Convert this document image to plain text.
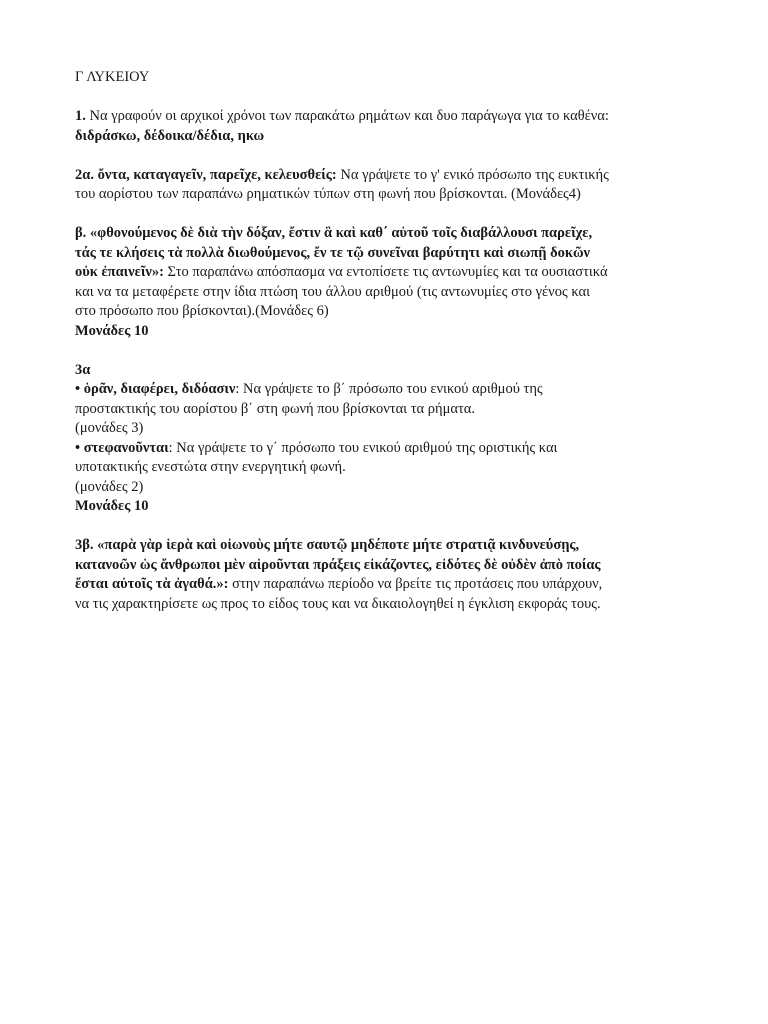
Γ ΛΥΚΕΙΟΥ
1. Να γραφούν οι αρχικοί χρόνοι των παρακάτω ρημάτων και δυο παράγωγα για το καθένα:
διδράσκω, δέδοικα/δέδια, ηκω
2α. ὄντα, καταγαγεῖν, παρεῖχε, κελευσθείς: Να γράψετε το γ' ενικό πρόσωπο της ευκτικής
του αορίστου των παραπάνω ρηματικών τύπων στη φωνή που βρίσκονται. (Μονάδες4)
β. «φθονούμενος δὲ διὰ τὴν δόξαν, ἔστιν ἃ καὶ καθ΄ αὑτοῦ τοῖς διαβάλλουσι παρεῖχε,
τάς τε κλήσεις τὰ πολλὰ διωθούμενος, ἔν τε τῷ συνεῖναι βαρύτητι καὶ σιωπῇ δοκῶν
οὐκ ἐπαινεῖν»: Στο παραπάνω απόσπασμα να εντοπίσετε τις αντωνυμίες και τα ουσιαστικά
και να τα μεταφέρετε στην ίδια πτώση του άλλου αριθμού (τις αντωνυμίες στο γένος και
στο πρόσωπο που βρίσκονται).(Μονάδες 6)
Μονάδες 10
3α
• ὁρᾶν, διαφέρει, διδόασιν: Να γράψετε το β΄ πρόσωπο του ενικού αριθμού της
προστακτικής του αορίστου β΄ στη φωνή που βρίσκονται τα ρήματα.
(μονάδες 3)
• στεφανοῦνται: Να γράψετε το γ΄ πρόσωπο του ενικού αριθμού της οριστικής και
υποτακτικής ενεστώτα στην ενεργητική φωνή.
(μονάδες 2)
Μονάδες 10
3β. «παρὰ γὰρ ἱερὰ καὶ οἰωνοὺς μήτε σαυτῷ μηδέποτε μήτε στρατιᾷ κινδυνεύσῃς,
κατανοῶν ὡς ἄνθρωποι μὲν αἱροῦνται πράξεις εἰκάζοντες, εἰδότες δὲ οὐδὲν ἀπὸ ποίας
ἔσται αὐτοῖς τὰ ἀγαθά.»: στην παραπάνω περίοδο να βρείτε τις προτάσεις που υπάρχουν,
να τις χαρακτηρίσετε ως προς το είδος τους και να δικαιολογηθεί η έγκλιση εκφοράς τους.
